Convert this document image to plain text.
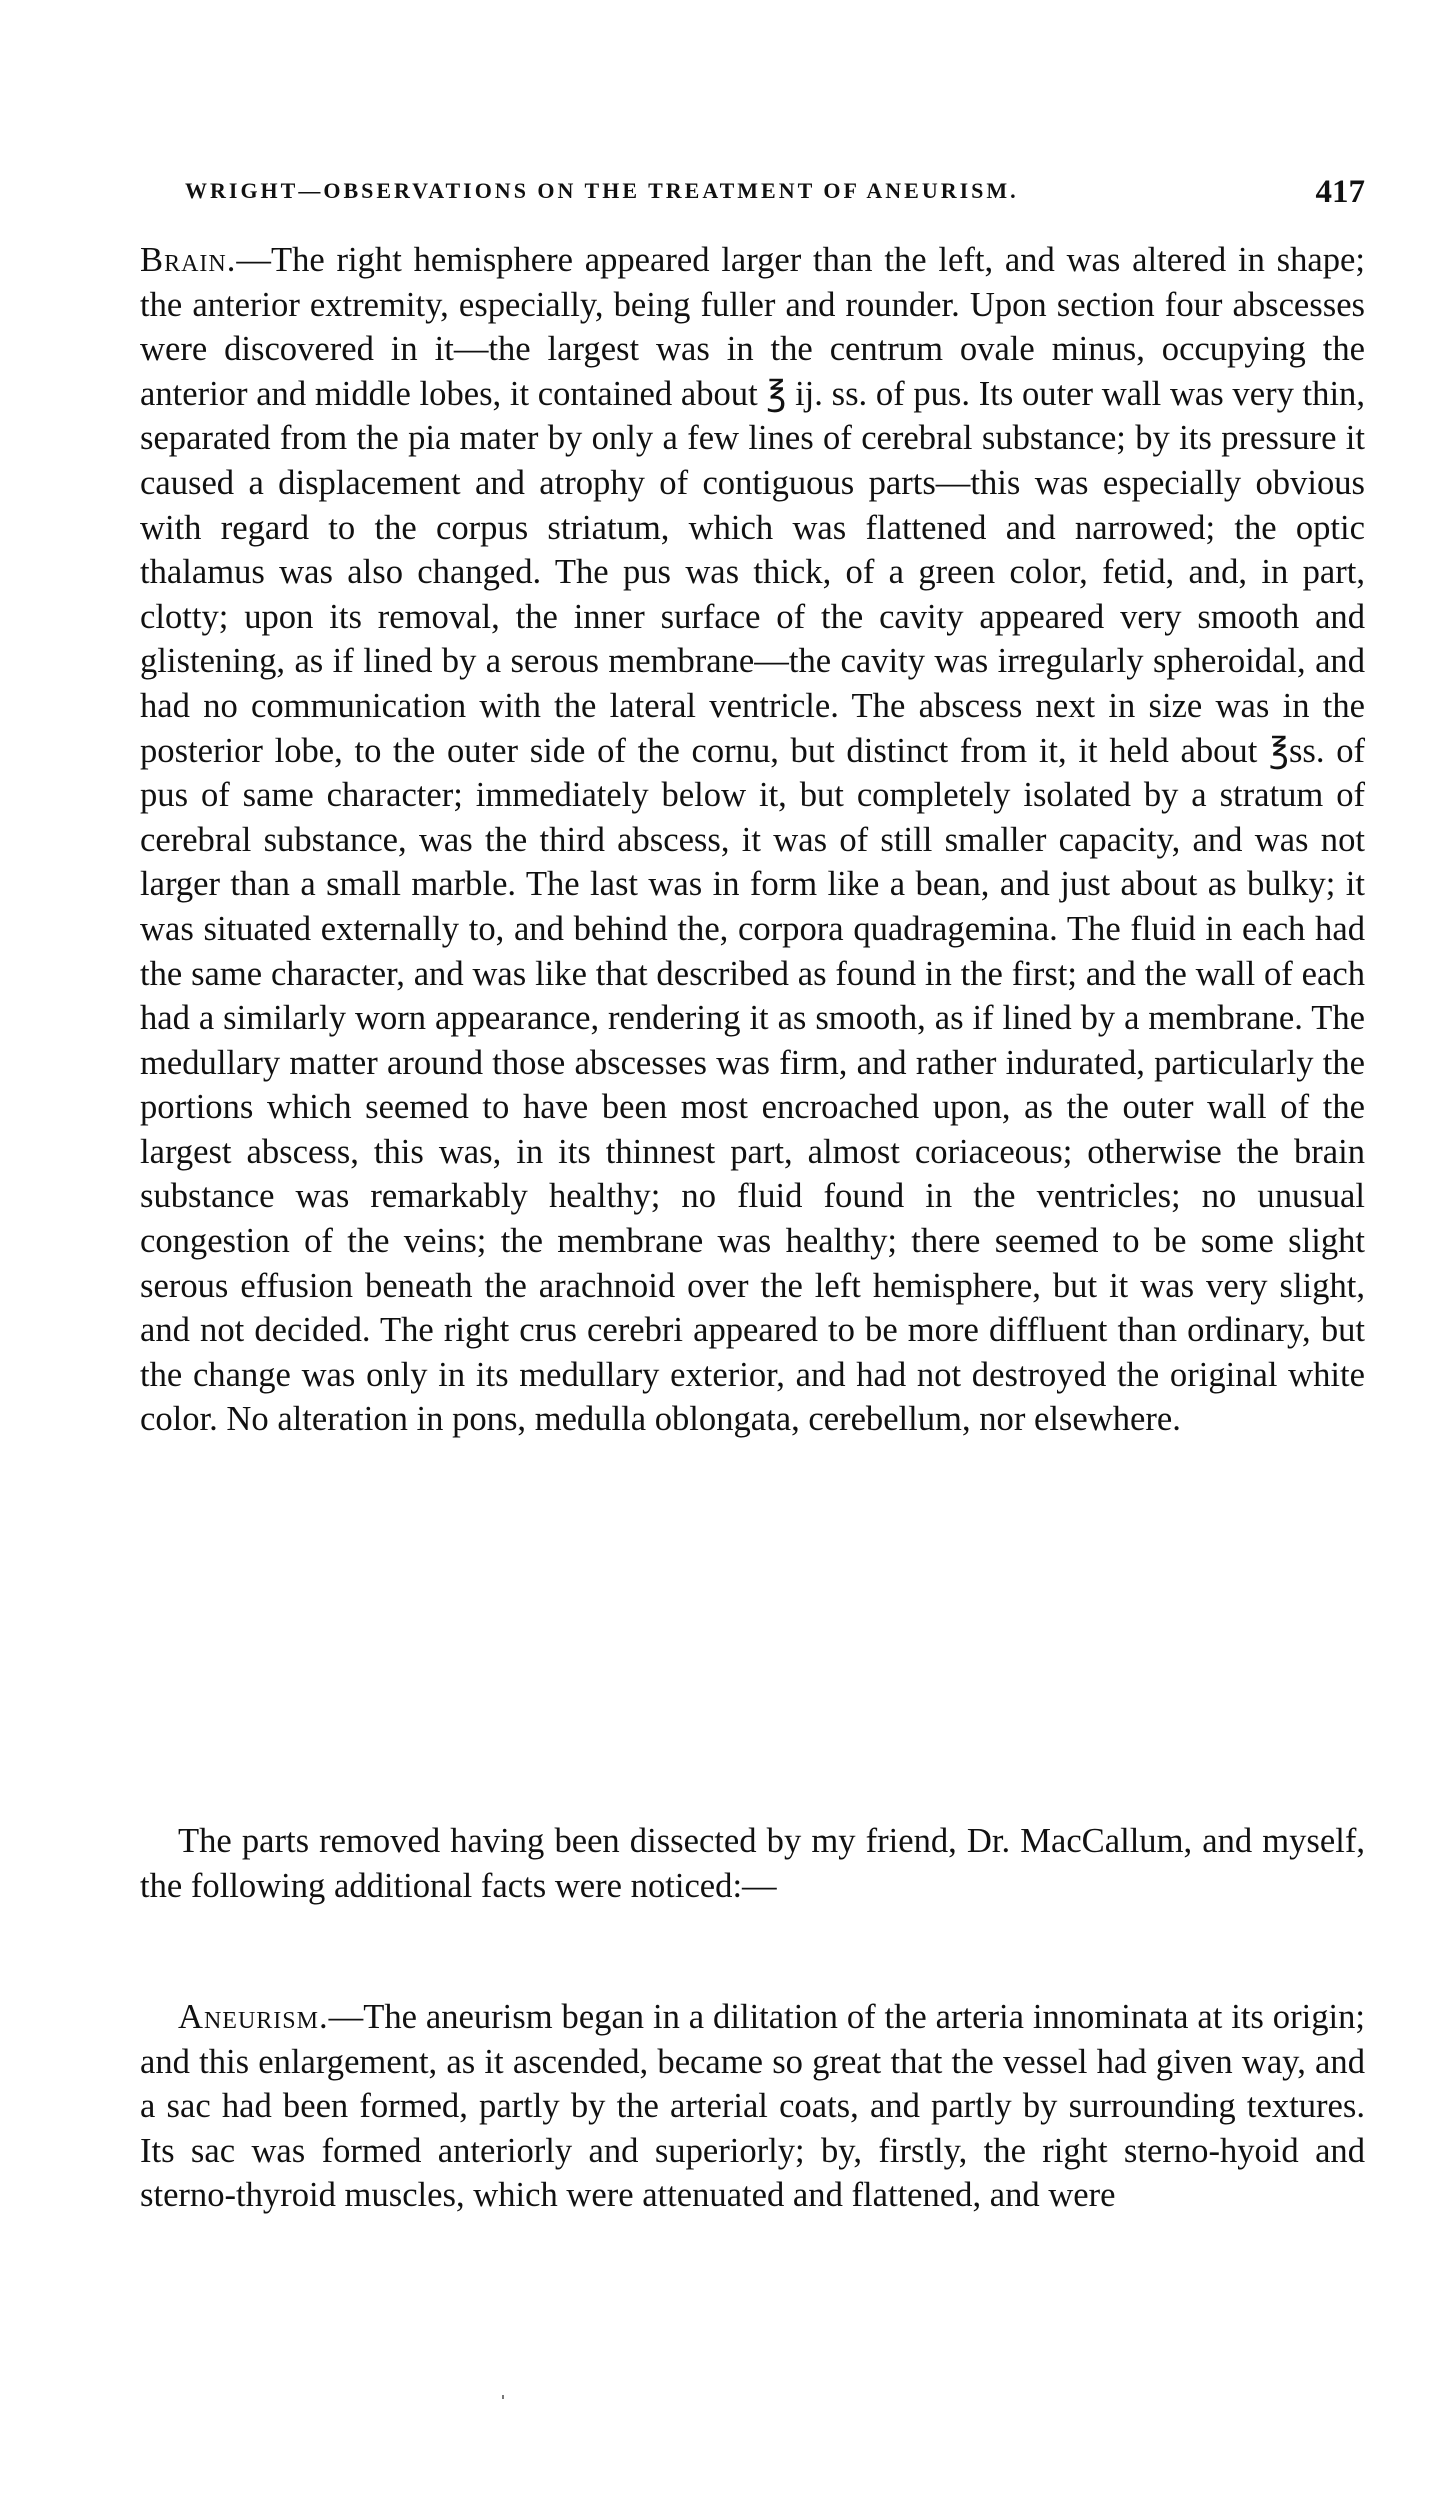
WRIGHT—OBSERVATIONS ON THE TREATMENT OF ANEURISM.	417

Brain.—The right hemisphere appeared larger than the left, and was altered in shape; the anterior extremity, especially, being fuller and rounder. Upon section four abscesses were discovered in it—the largest was in the centrum ovale minus, occupying the anterior and middle lobes, it contained about ℥ ij. ss. of pus. Its outer wall was very thin, separated from the pia mater by only a few lines of cerebral substance; by its pressure it caused a displacement and atrophy of contiguous parts—this was especially obvious with regard to the corpus striatum, which was flattened and narrowed; the optic thalamus was also changed. The pus was thick, of a green color, fetid, and, in part, clotty; upon its removal, the inner surface of the cavity appeared very smooth and glistening, as if lined by a serous membrane—the cavity was irregularly spheroidal, and had no communication with the lateral ventricle. The abscess next in size was in the posterior lobe, to the outer side of the cornu, but distinct from it, it held about ℥ss. of pus of same character; immediately below it, but completely isolated by a stratum of cerebral substance, was the third abscess, it was of still smaller capacity, and was not larger than a small marble. The last was in form like a bean, and just about as bulky; it was situated externally to, and behind the, corpora quadragemina. The fluid in each had the same character, and was like that described as found in the first; and the wall of each had a similarly worn appearance, rendering it as smooth, as if lined by a membrane. The medullary matter around those abscesses was firm, and rather indurated, particularly the portions which seemed to have been most encroached upon, as the outer wall of the largest abscess, this was, in its thinnest part, almost coriaceous; otherwise the brain substance was remarkably healthy; no fluid found in the ventricles; no unusual congestion of the veins; the membrane was healthy; there seemed to be some slight serous effusion beneath the arachnoid over the left hemisphere, but it was very slight, and not decided. The right crus cerebri appeared to be more diffluent than ordinary, but the change was only in its medullary exterior, and had not destroyed the original white color. No alteration in pons, medulla oblongata, cerebellum, nor elsewhere.

The parts removed having been dissected by my friend, Dr. MacCallum, and myself, the following additional facts were noticed:—

Aneurism.—The aneurism began in a dilitation of the arteria innominata at its origin; and this enlargement, as it ascended, became so great that the vessel had given way, and a sac had been formed, partly by the arterial coats, and partly by surrounding textures. Its sac was formed anteriorly and superiorly; by, firstly, the right sterno-hyoid and sterno-thyroid muscles, which were attenuated and flattened, and were
